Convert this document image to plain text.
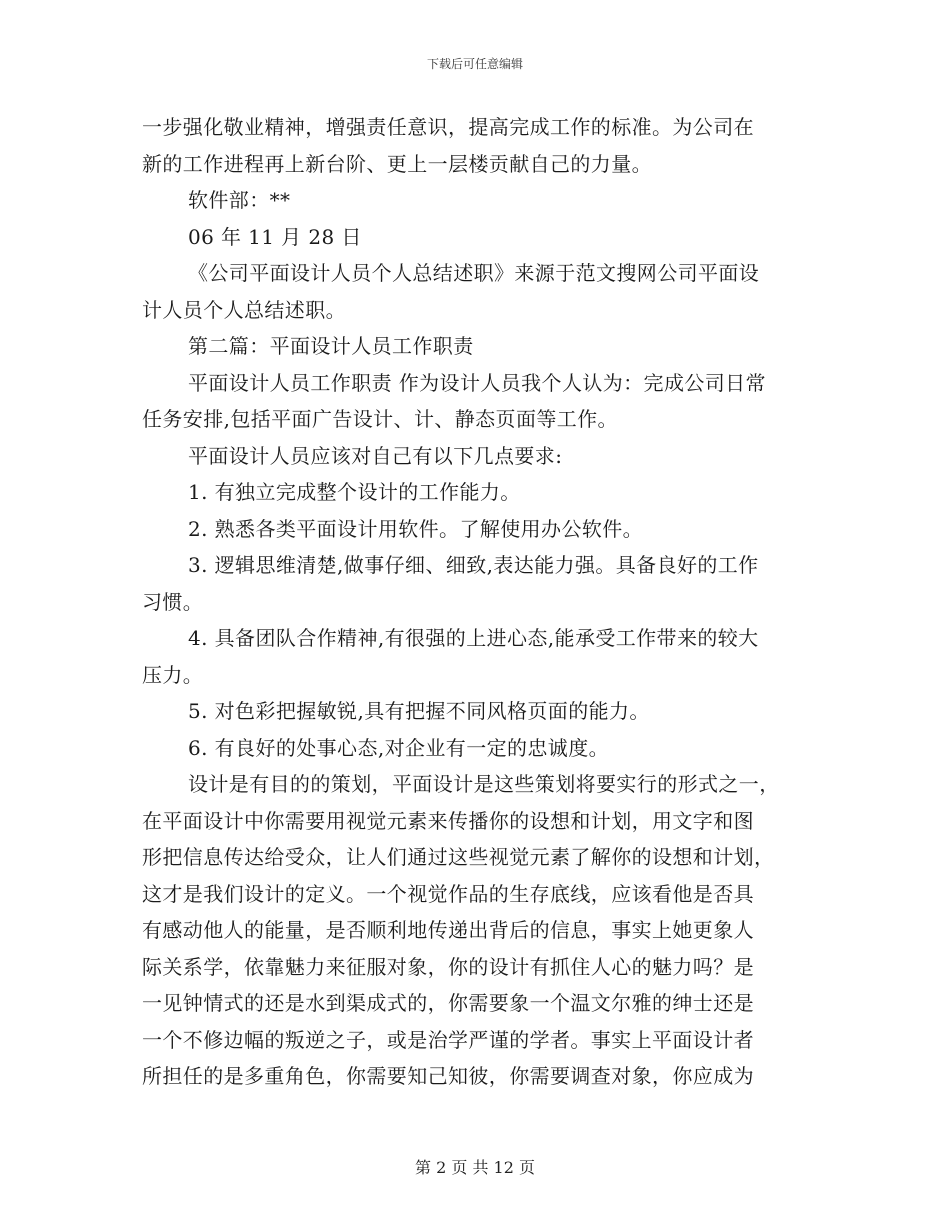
下载后可任意编辑
一步强化敬业精神，增强责任意识，提高完成工作的标准。为公司在
新的工作进程再上新台阶、更上一层楼贡献自己的力量。
软件部：**
06 年 11 月 28 日
《公司平面设计人员个人总结述职》来源于范文搜网公司平面设
计人员个人总结述职。
第二篇：平面设计人员工作职责
平面设计人员工作职责 作为设计人员我个人认为：完成公司日常
任务安排,包括平面广告设计、计、静态页面等工作。
平面设计人员应该对自己有以下几点要求:
1. 有独立完成整个设计的工作能力。
2. 熟悉各类平面设计用软件。了解使用办公软件。
3. 逻辑思维清楚,做事仔细、细致,表达能力强。具备良好的工作
习惯。
4. 具备团队合作精神,有很强的上进心态,能承受工作带来的较大
压力。
5. 对色彩把握敏锐,具有把握不同风格页面的能力。
6. 有良好的处事心态,对企业有一定的忠诚度。
设计是有目的的策划，平面设计是这些策划将要实行的形式之一，
在平面设计中你需要用视觉元素来传播你的设想和计划，用文字和图
形把信息传达给受众，让人们通过这些视觉元素了解你的设想和计划，
这才是我们设计的定义。一个视觉作品的生存底线，应该看他是否具
有感动他人的能量，是否顺利地传递出背后的信息，事实上她更象人
际关系学，依靠魅力来征服对象，你的设计有抓住人心的魅力吗？是
一见钟情式的还是水到渠成式的，你需要象一个温文尔雅的绅士还是
一个不修边幅的叛逆之子，或是治学严谨的学者。事实上平面设计者
所担任的是多重角色，你需要知己知彼，你需要调查对象，你应成为
第 2 页 共 12 页
